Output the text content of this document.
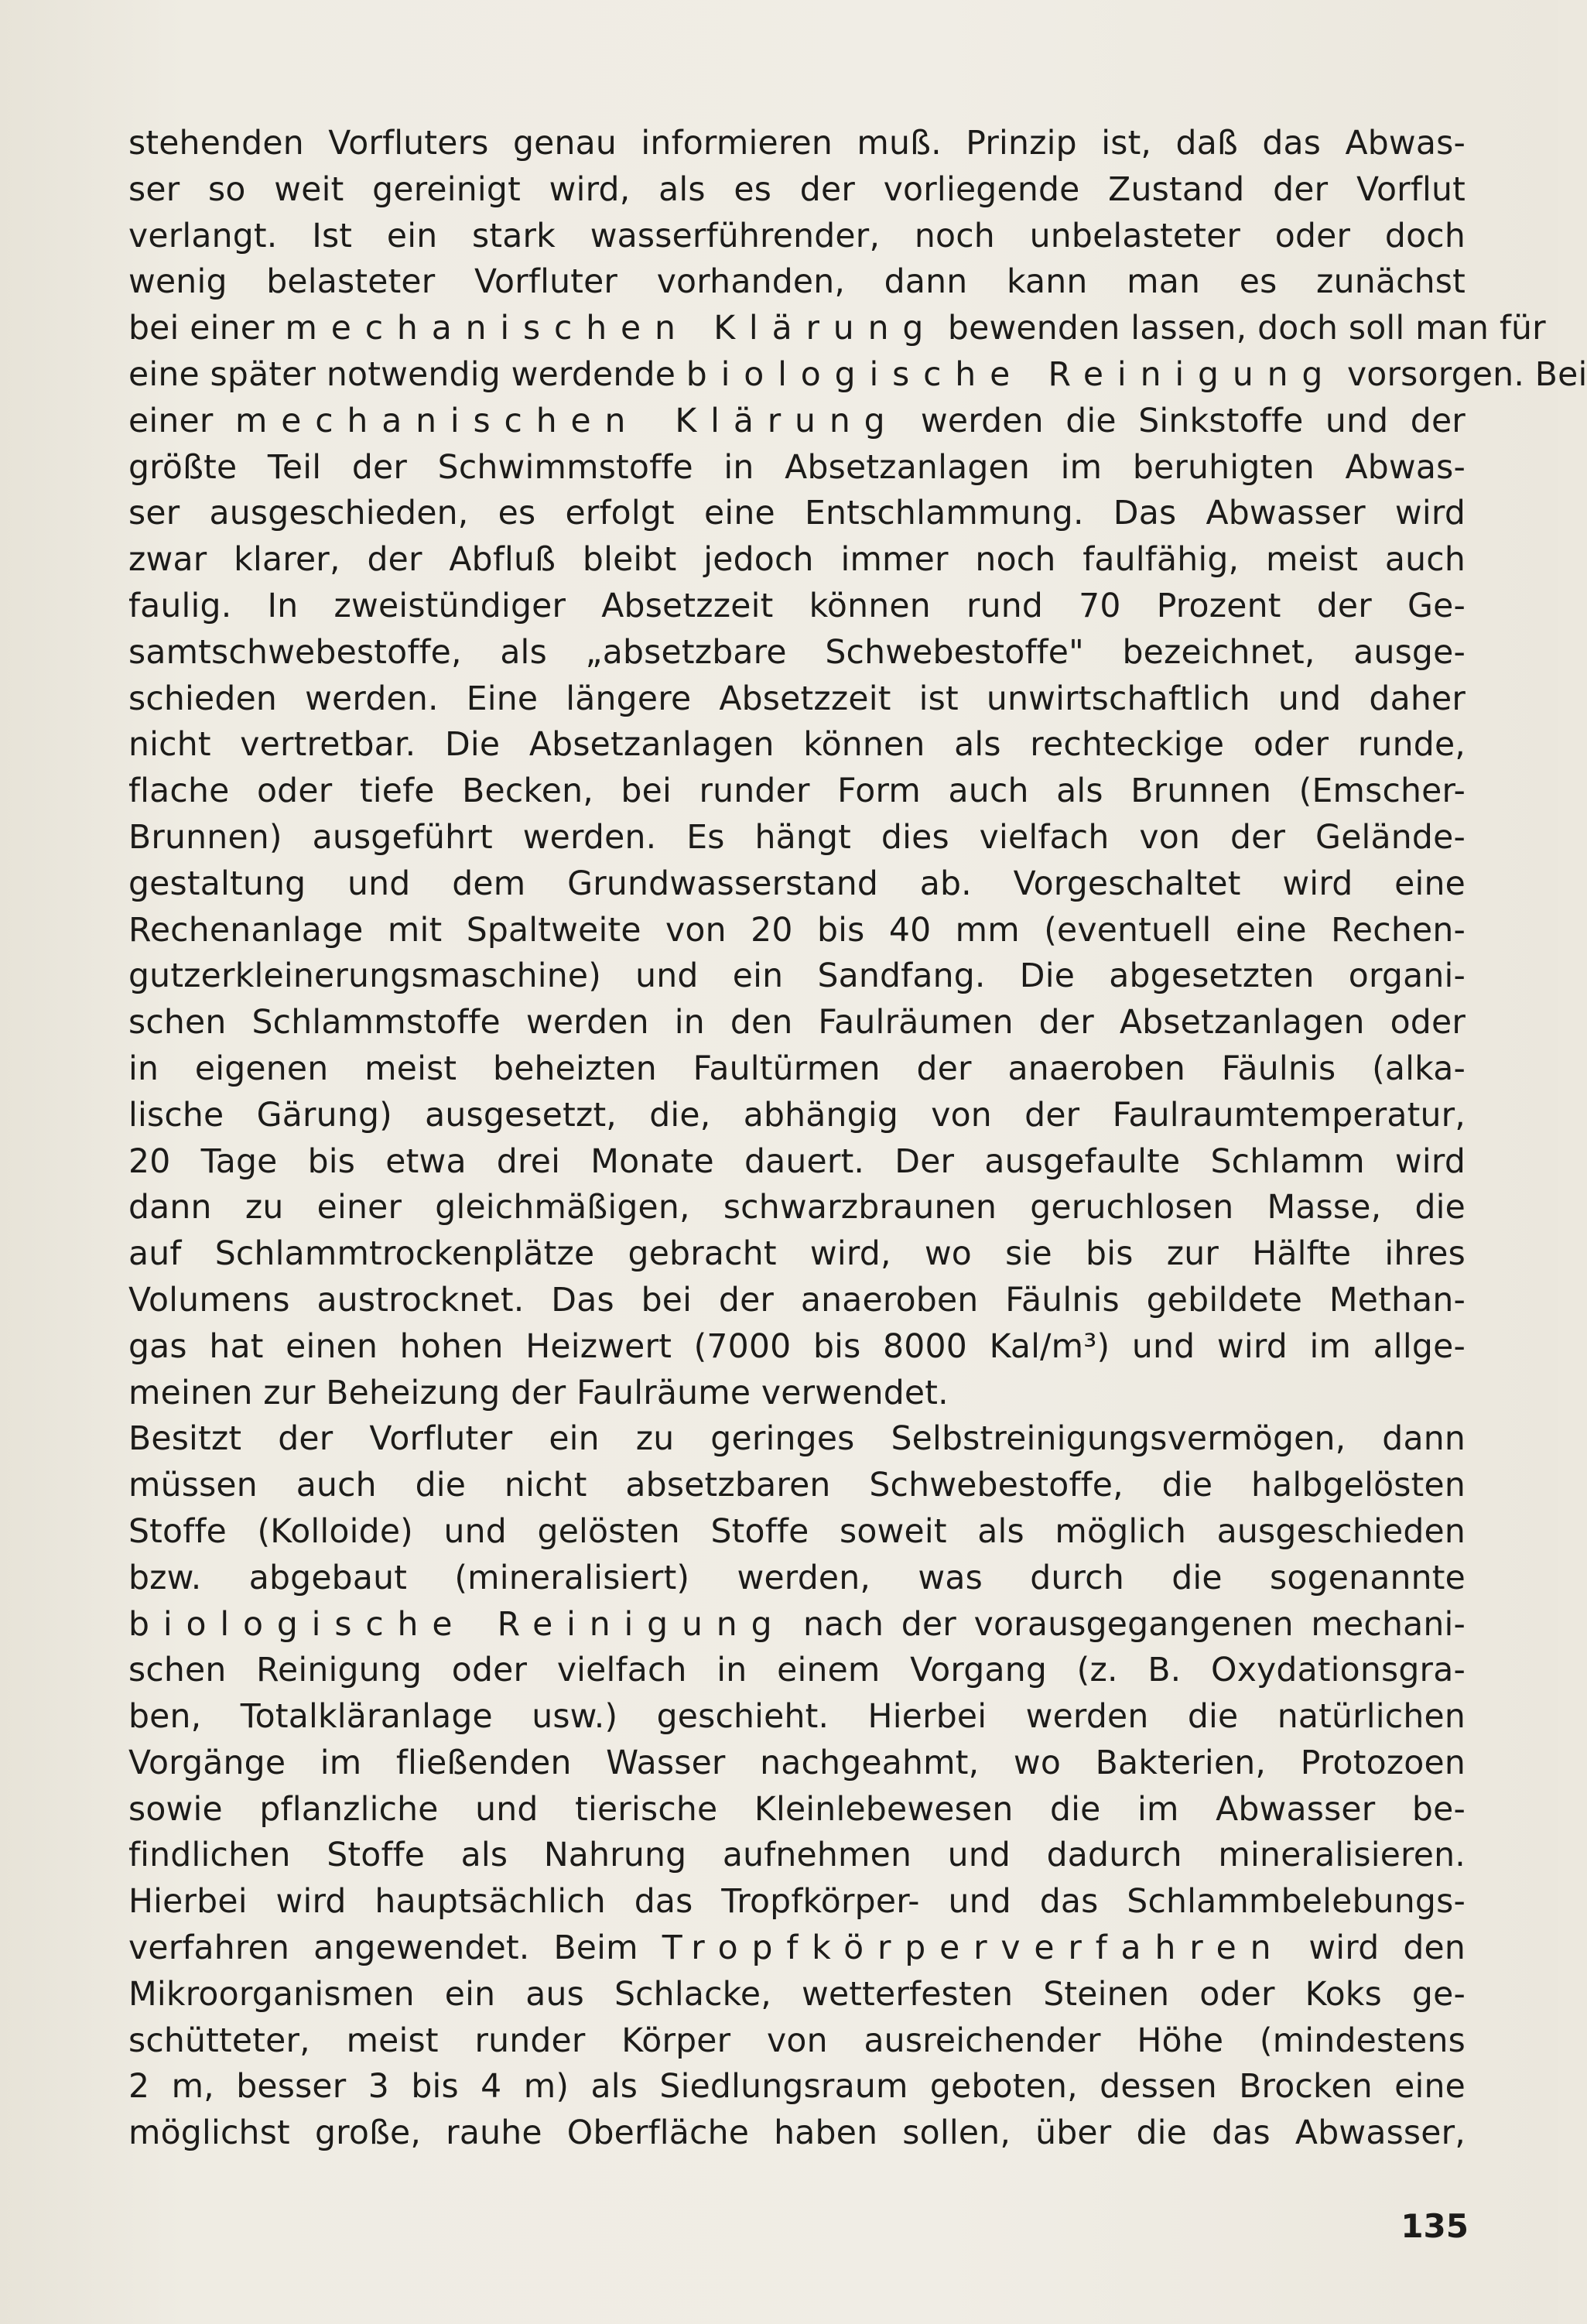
stehenden Vorfluters genau informieren muß. Prinzip ist, daß das Abwas-
ser so weit gereinigt wird, als es der vorliegende Zustand der Vorflut
verlangt. Ist ein stark wasserführender, noch unbelasteter oder doch
wenig belasteter Vorfluter vorhanden, dann kann man es zunächst
bei einer mechanischen Klärung bewenden lassen, doch soll man für
eine später notwendig werdende biologische Reinigung vorsorgen. Bei
einer mechanischen Klärung werden die Sinkstoffe und der
größte Teil der Schwimmstoffe in Absetzanlagen im beruhigten Abwas-
ser ausgeschieden, es erfolgt eine Entschlammung. Das Abwasser wird
zwar klarer, der Abfluß bleibt jedoch immer noch faulfähig, meist auch
faulig. In zweistündiger Absetzzeit können rund 70 Prozent der Ge-
samtschwebestoffe, als „absetzbare Schwebestoffe" bezeichnet, ausge-
schieden werden. Eine längere Absetzzeit ist unwirtschaftlich und daher
nicht vertretbar. Die Absetzanlagen können als rechteckige oder runde,
flache oder tiefe Becken, bei runder Form auch als Brunnen (Emscher-
Brunnen) ausgeführt werden. Es hängt dies vielfach von der Gelände-
gestaltung und dem Grundwasserstand ab. Vorgeschaltet wird eine
Rechenanlage mit Spaltweite von 20 bis 40 mm (eventuell eine Rechen-
gutzerkleinerungsmaschine) und ein Sandfang. Die abgesetzten organi-
schen Schlammstoffe werden in den Faulräumen der Absetzanlagen oder
in eigenen meist beheizten Faultürmen der anaeroben Fäulnis (alka-
lische Gärung) ausgesetzt, die, abhängig von der Faulraumtemperatur,
20 Tage bis etwa drei Monate dauert. Der ausgefaulte Schlamm wird
dann zu einer gleichmäßigen, schwarzbraunen geruchlosen Masse, die
auf Schlammtrockenplätze gebracht wird, wo sie bis zur Hälfte ihres
Volumens austrocknet. Das bei der anaeroben Fäulnis gebildete Methan-
gas hat einen hohen Heizwert (7000 bis 8000 Kal/m³) und wird im allge-
meinen zur Beheizung der Faulräume verwendet.
Besitzt der Vorfluter ein zu geringes Selbstreinigungsvermögen, dann
müssen auch die nicht absetzbaren Schwebestoffe, die halbgelösten
Stoffe (Kolloide) und gelösten Stoffe soweit als möglich ausgeschieden
bzw. abgebaut (mineralisiert) werden, was durch die sogenannte
biologische Reinigung nach der vorausgegangenen mechani-
schen Reinigung oder vielfach in einem Vorgang (z. B. Oxydationsgra-
ben, Totalkläranlage usw.) geschieht. Hierbei werden die natürlichen
Vorgänge im fließenden Wasser nachgeahmt, wo Bakterien, Protozoen
sowie pflanzliche und tierische Kleinlebewesen die im Abwasser be-
findlichen Stoffe als Nahrung aufnehmen und dadurch mineralisieren.
Hierbei wird hauptsächlich das Tropfkörper- und das Schlammbelebungs-
verfahren angewendet. Beim Tropfkörperverfahren wird den
Mikroorganismen ein aus Schlacke, wetterfesten Steinen oder Koks ge-
schütteter, meist runder Körper von ausreichender Höhe (mindestens
2 m, besser 3 bis 4 m) als Siedlungsraum geboten, dessen Brocken eine
möglichst große, rauhe Oberfläche haben sollen, über die das Abwasser,
135
